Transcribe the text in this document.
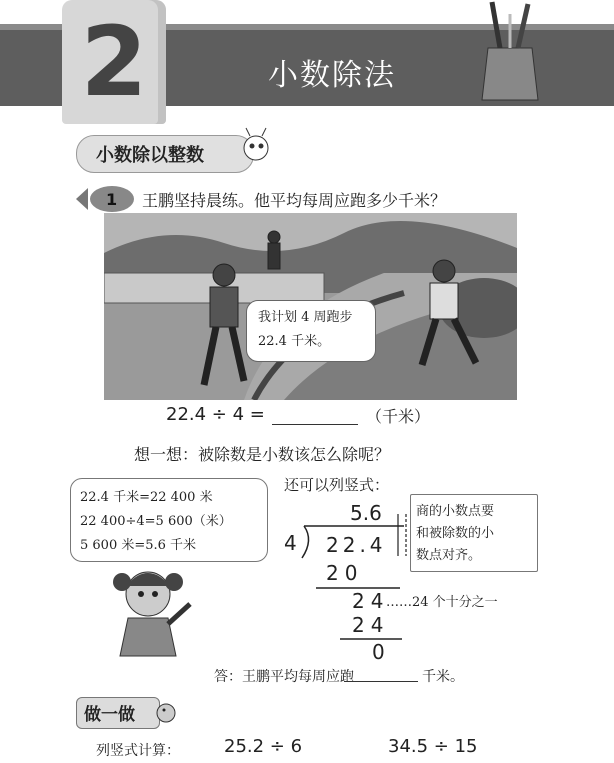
2	小数除法
小数除以整数
1 王鹏坚持晨练。他平均每周应跑多少千米？
我计划 4 周跑步
22.4 千米。
22.4 ÷ 4 =	（千米）
想一想：被除数是小数该怎么除呢？
22.4 千米=22 400 米
22 400÷4=5 600（米）
5 600 米=5.6 千米
还可以列竖式：
5.6
4 22.4
20
24
……24 个十分之一
24
0
商的小数点要
和被除数的小
数点对齐。
答：王鹏平均每周应跑	千米。
做一做
列竖式计算： 25.2 ÷ 6	34.5 ÷ 15
